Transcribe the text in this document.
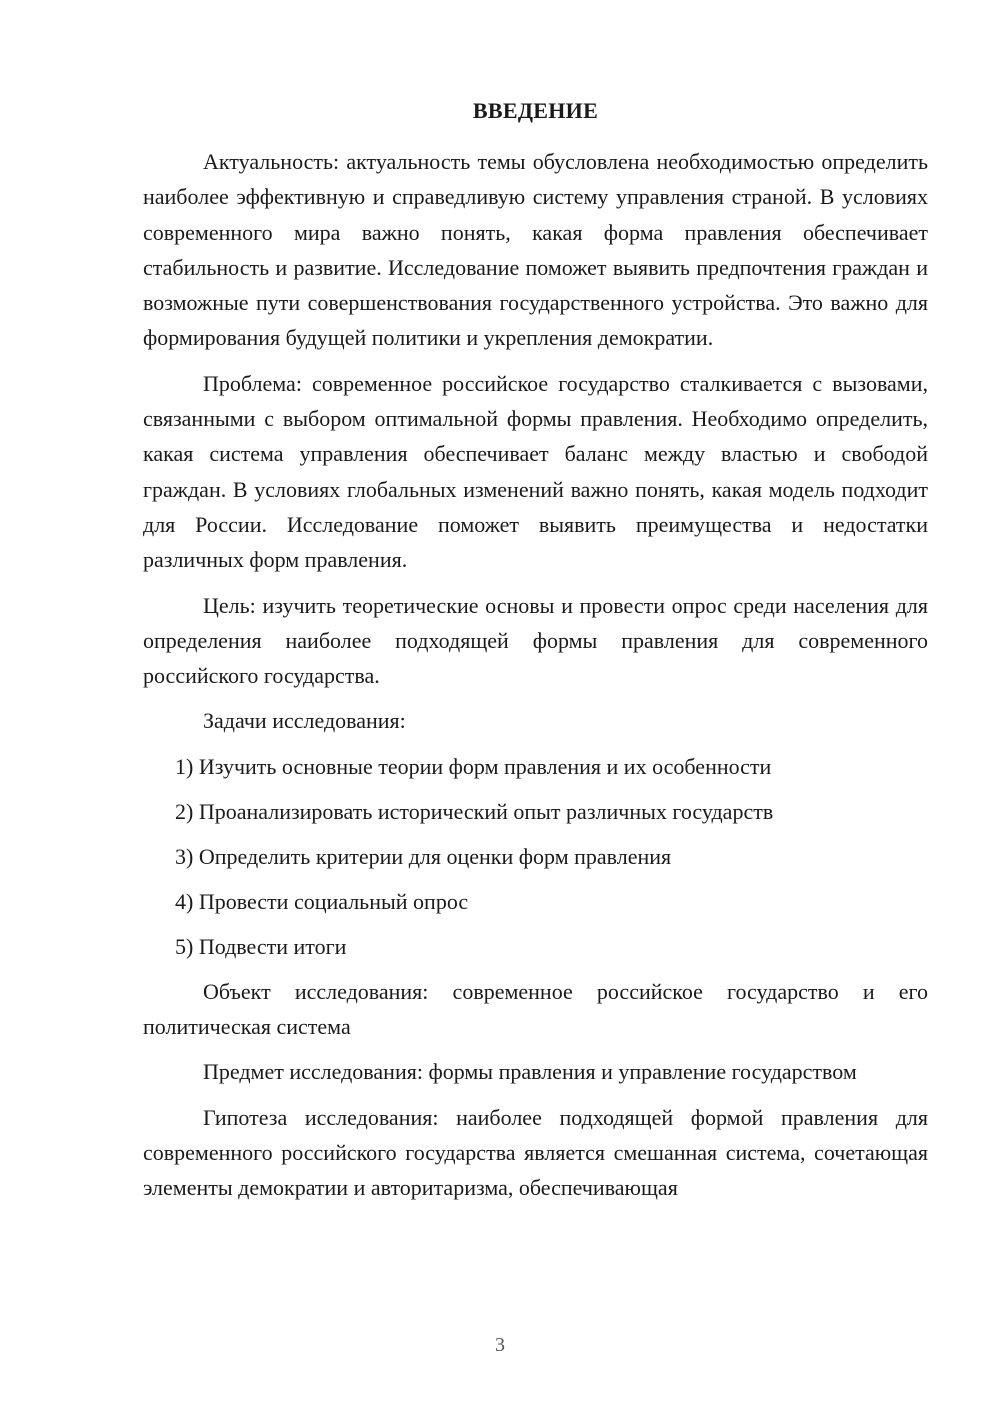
ВВЕДЕНИЕ

Актуальность: актуальность темы обусловлена необходимостью определить наиболее эффективную и справедливую систему управления страной. В условиях современного мира важно понять, какая форма правления обеспечивает стабильность и развитие. Исследование поможет выявить предпочтения граждан и возможные пути совершенствования государственного устройства. Это важно для формирования будущей политики и укрепления демократии.

Проблема: современное российское государство сталкивается с вызовами, связанными с выбором оптимальной формы правления. Необходимо определить, какая система управления обеспечивает баланс между властью и свободой граждан. В условиях глобальных изменений важно понять, какая модель подходит для России. Исследование поможет выявить преимущества и недостатки различных форм правления.

Цель: изучить теоретические основы и провести опрос среди населения для определения наиболее подходящей формы правления для современного российского государства.

Задачи исследования:

1) Изучить основные теории форм правления и их особенности
2) Проанализировать исторический опыт различных государств
3) Определить критерии для оценки форм правления
4) Провести социальный опрос
5) Подвести итоги

Объект исследования: современное российское государство и его политическая система

Предмет исследования: формы правления и управление государством

Гипотеза исследования: наиболее подходящей формой правления для современного российского государства является смешанная система, сочетающая элементы демократии и авторитаризма, обеспечивающая

3
